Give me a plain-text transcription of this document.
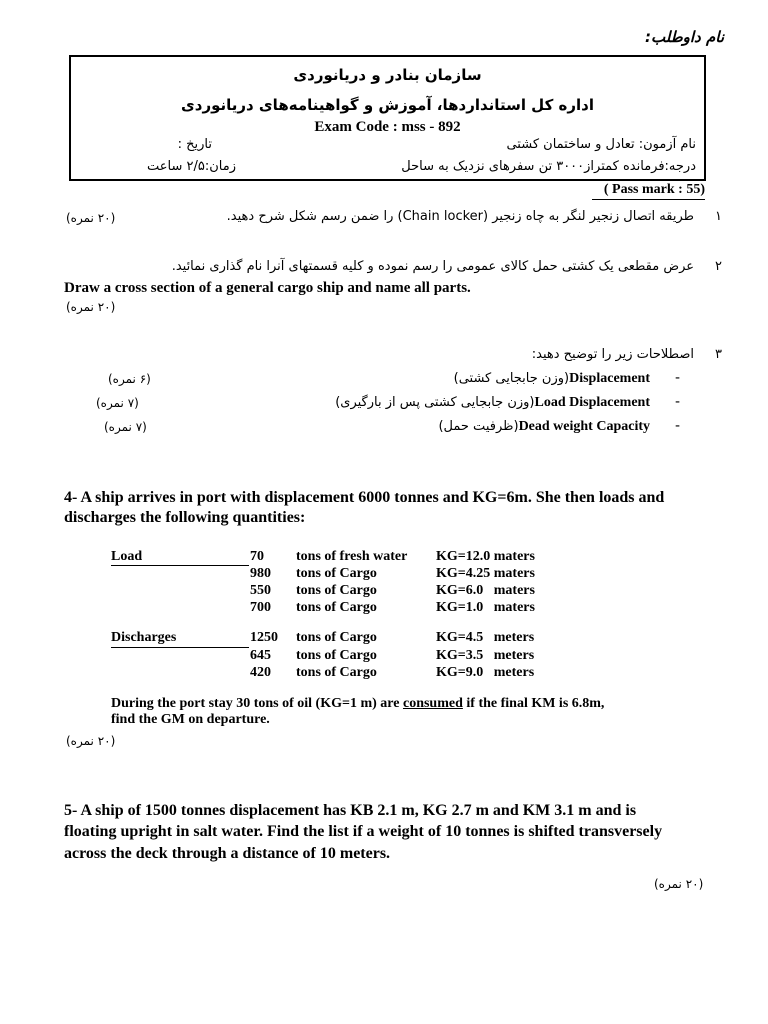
نام داوطلب:
سازمان بنادر و دریانوردی
اداره کل استانداردها، آموزش و گواهینامه‌های دریانوردی
Exam Code : mss - 892
نام آزمون: تعادل و ساختمان کشتی
تاریخ :
درجه:فرمانده کمتراز۳۰۰۰ تن سفرهای نزدیک به ساحل
زمان:۲/۵ ساعت
( Pass mark : 55)
۱
طریقه اتصال زنجیر لنگر به چاه زنجیر (Chain locker) را ضمن رسم شکل شرح دهید.
(۲۰ نمره)
۲
عرض مقطعی یک کشتی حمل کالای عمومی را رسم نموده و کلیه قسمتهای آنرا نام گذاری نمائید.
Draw a cross section of a general cargo ship and name all parts.
(۲۰ نمره)
۳
اصطلاحات زیر را توضیح دهید:
-
Displacement
(وزن جابجایی کشتی)
(۶ نمره)
-
Load Displacement
(وزن جابجایی کشتی پس از بارگیری)
(۷ نمره)
-
Dead weight Capacity
(ظرفیت حمل)
(۷ نمره)
4- A ship arrives in port with displacement 6000 tonnes and KG=6m. She then loads and
discharges the following quantities:
Load	70 tons of fresh water KG=12.0 maters
980 tons of Cargo	KG=4.25 maters
550 tons of Cargo	KG=6.0   maters
700 tons of Cargo	KG=1.0   maters
Discharges	1250 tons of Cargo	KG=4.5   meters
645 tons of Cargo	KG=3.5   meters
420 tons of Cargo	KG=9.0   meters
During the port stay 30 tons of oil (KG=1 m) are consumed if the final KM is 6.8m,
find the GM on departure.
(۲۰ نمره)
5- A ship of 1500 tonnes displacement has KB 2.1 m, KG 2.7 m and KM 3.1 m and is
floating upright in salt water. Find the list if a weight of 10 tonnes is shifted transversely
across the deck through a distance of 10 meters.
(۲۰ نمره)
